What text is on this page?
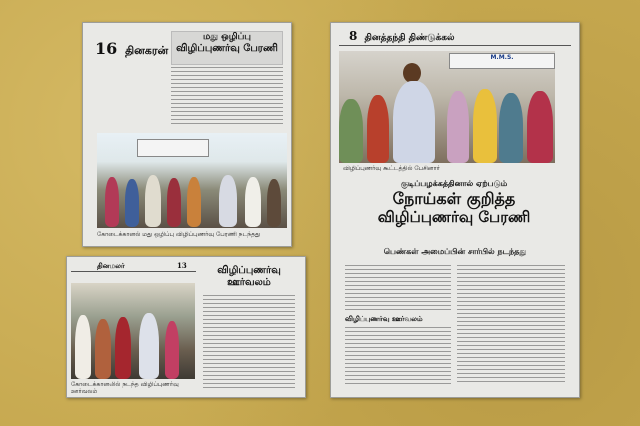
16 தினகரன்
மது ஒழிப்பு
விழிப்புணர்வு பேரணி
கோடைக்கானல் மது ஒழிப்பு விழிப்புணர்வு பேரணி நடந்தது
தினமலர்	13
கோடைக்கானலில் நடந்த விழிப்புணர்வு ஊர்வலம்
விழிப்புணர்வு
ஊர்வலம்
8 தினத்தந்தி திண்டுக்கல்
M.M.S.
விழிப்புணர்வு கூட்டத்தில் பேசினார்
குடிப்பழக்கத்தினால் ஏற்படும்
நோய்கள் குறித்த
விழிப்புணர்வு பேரணி
பெண்கள் அமைப்பின் சார்பில் நடந்தது
விழிப்புணர்வு ஊர்வலம்
